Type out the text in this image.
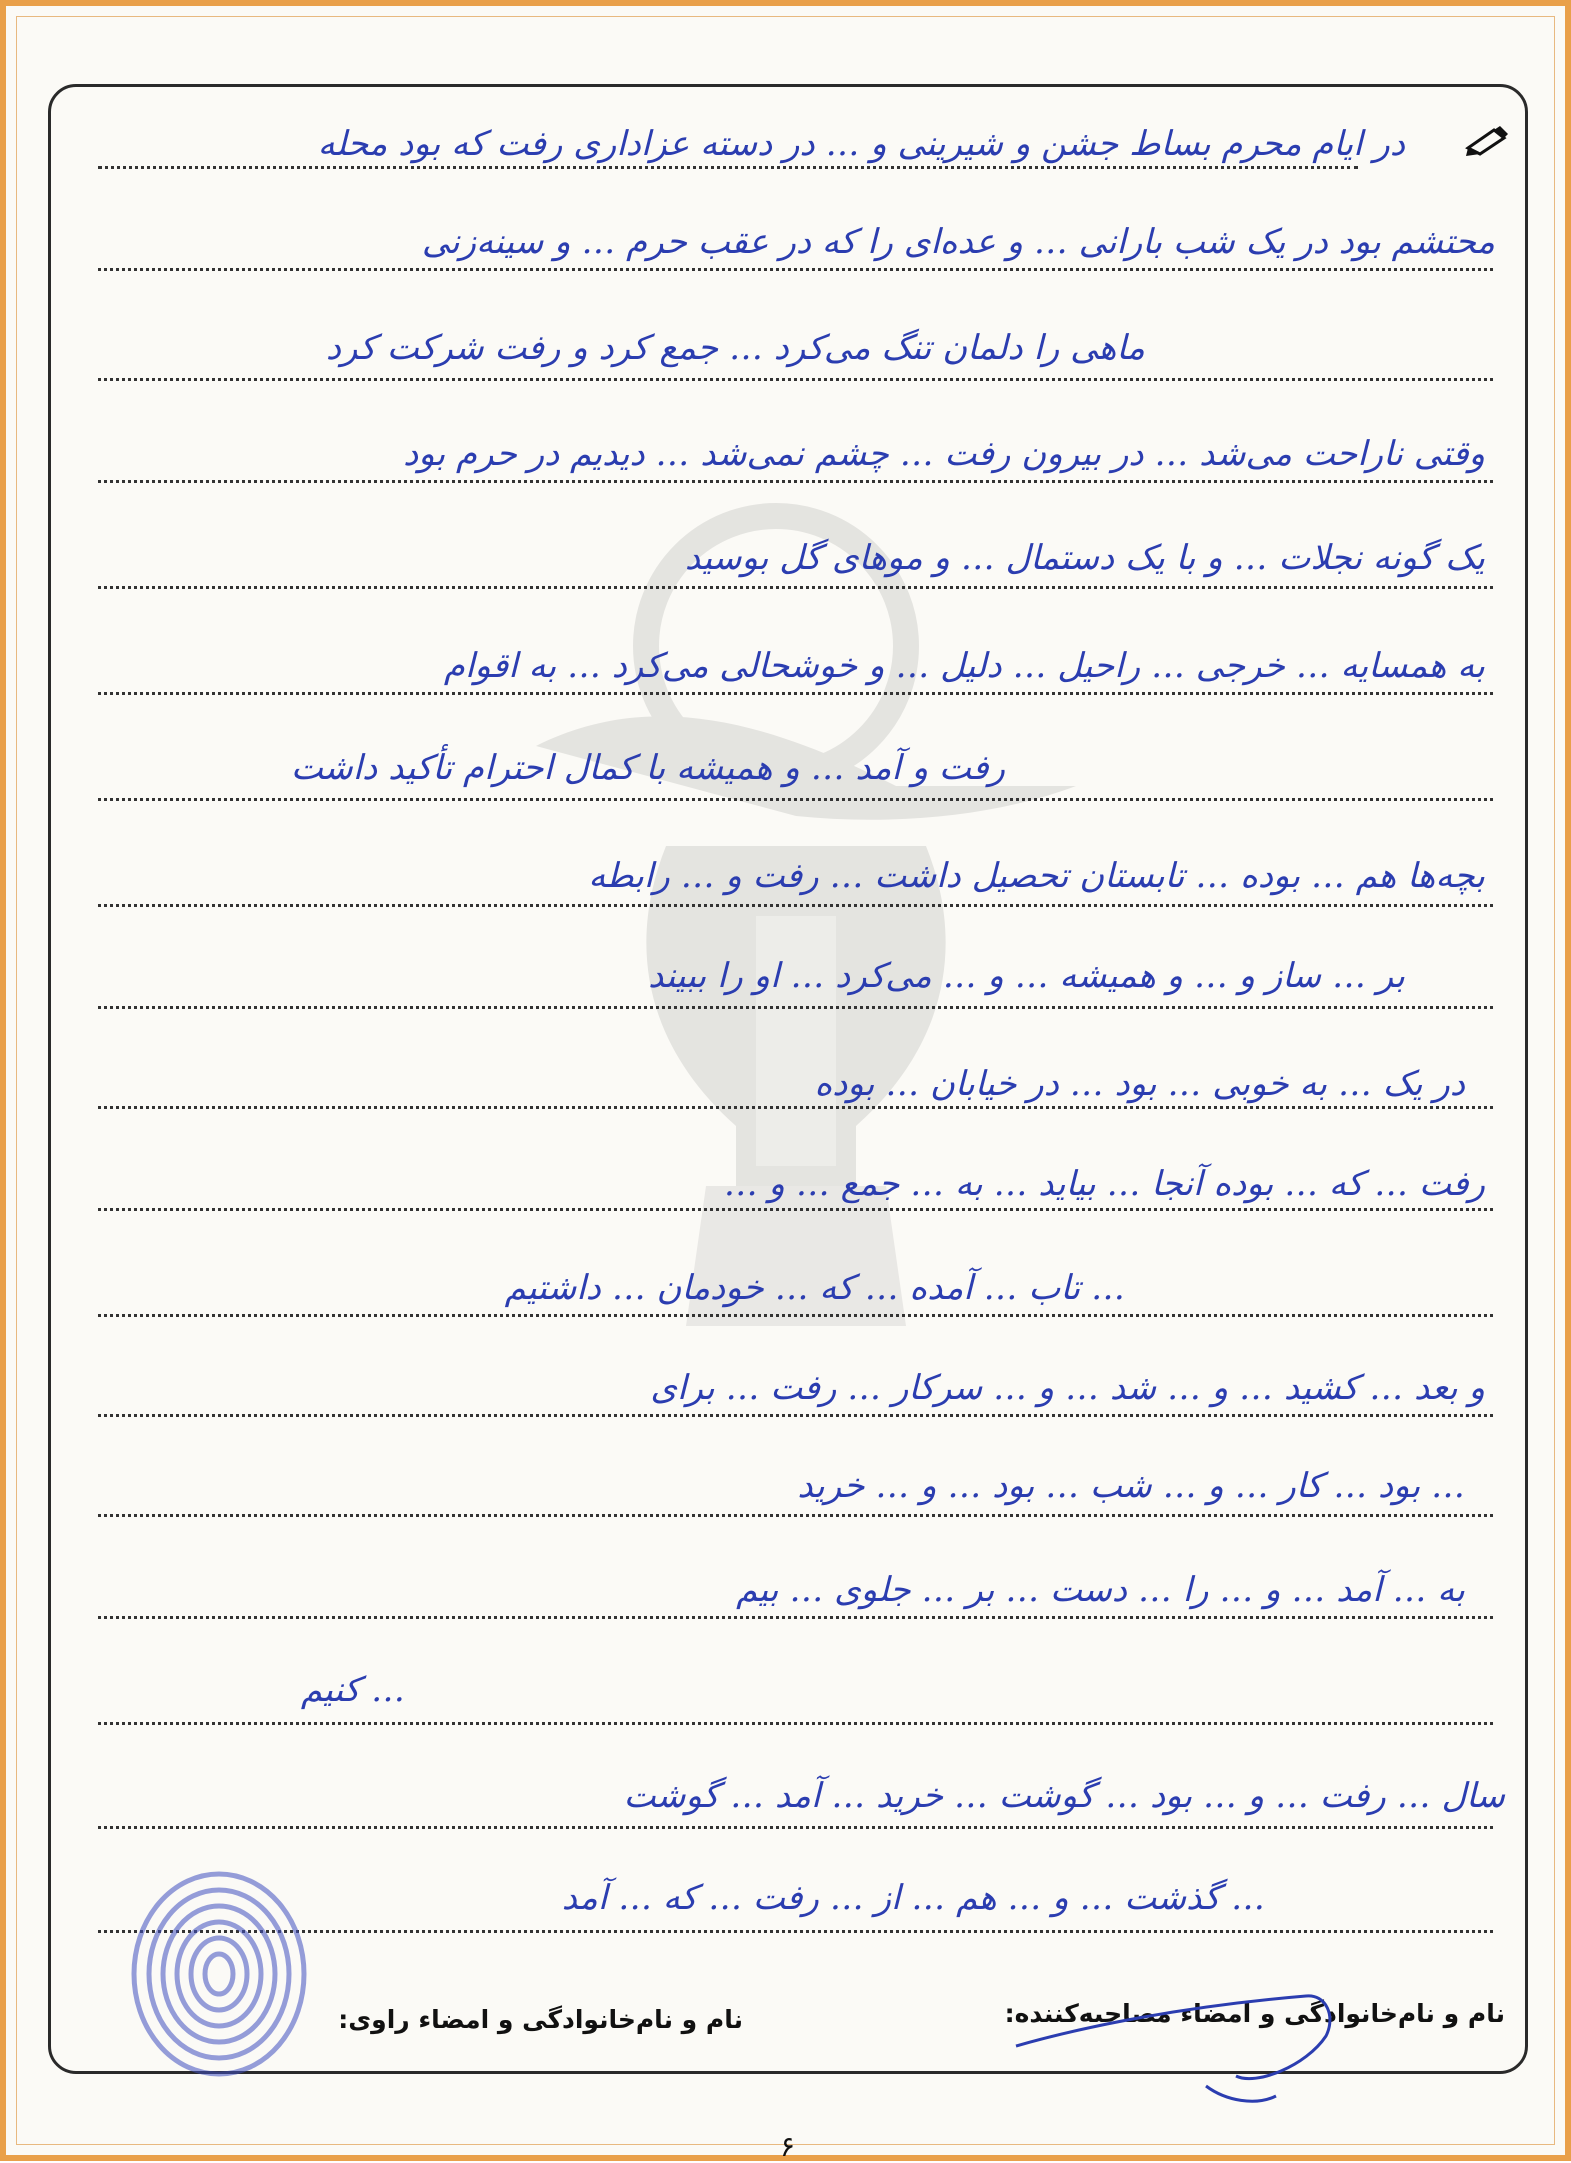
در ایام محرم بساط جشن و شیرینی و … در دسته عزاداری رفت که بود محله
محتشم بود در یک شب بارانی … و عده‌ای را که در عقب حرم … و سینه‌زنی
ماهی را دلمان تنگ می‌کرد … جمع کرد و رفت شرکت کرد
وقتی ناراحت می‌شد … در بیرون رفت … چشم نمی‌شد … دیدیم در حرم بود
یک گونه نجلات … و با یک دستمال … و موهای گل بوسید
به همسایه … خرجی … راحیل … دلیل … و خوشحالی می‌کرد … به اقوام
رفت و آمد … و همیشه با کمال احترام تأکید داشت
بچه‌ها هم … بوده … تابستان تحصیل داشت … رفت و … رابطه
بر … ساز و … و همیشه … و … می‌کرد … او را ببیند
در یک … به خوبی … بود … در خیابان … بوده
رفت … که … بوده آنجا … بیاید … به … جمع … و …
… تاب … آمده … که … خودمان … داشتیم
و بعد … کشید … و … شد … و … سرکار … رفت … برای
… بود … کار … و … شب … بود … و … خرید
به … آمد … و … را … دست … بر … جلوی … بیم
… کنیم
سال … رفت … و … بود … گوشت … خرید … آمد … گوشت
… گذشت … و … هم … از … رفت … که … آمد
نام و نام‌خانوادگی و امضاء مصاحبه‌کننده:
نام و نام‌خانوادگی و امضاء راوی:
۶
